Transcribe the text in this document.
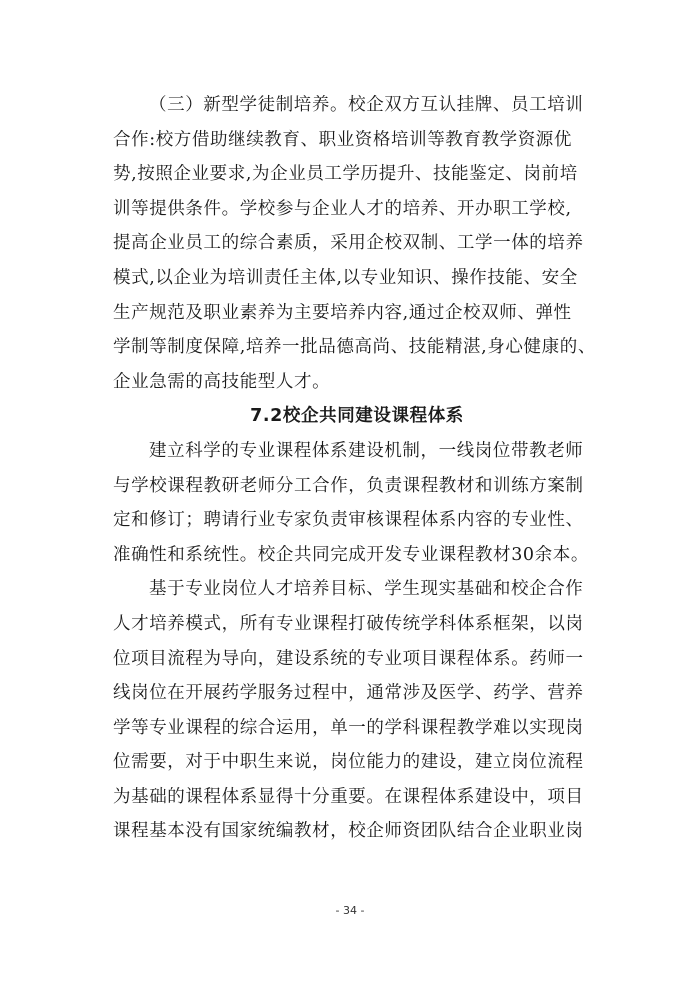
（三）新型学徒制培养。校企双方互认挂牌、员工培训
合作:校方借助继续教育、职业资格培训等教育教学资源优
势,按照企业要求,为企业员工学历提升、技能鉴定、岗前培
训等提供条件。学校参与企业人才的培养、开办职工学校,
提高企业员工的综合素质，采用企校双制、工学一体的培养
模式,以企业为培训责任主体,以专业知识、操作技能、安全
生产规范及职业素养为主要培养内容,通过企校双师、弹性
学制等制度保障,培养一批品德高尚、技能精湛,身心健康的、
企业急需的高技能型人才。

7.2校企共同建设课程体系

建立科学的专业课程体系建设机制，一线岗位带教老师
与学校课程教研老师分工合作，负责课程教材和训练方案制
定和修订；聘请行业专家负责审核课程体系内容的专业性、
准确性和系统性。校企共同完成开发专业课程教材30余本。

基于专业岗位人才培养目标、学生现实基础和校企合作
人才培养模式，所有专业课程打破传统学科体系框架，以岗
位项目流程为导向，建设系统的专业项目课程体系。药师一
线岗位在开展药学服务过程中，通常涉及医学、药学、营养
学等专业课程的综合运用，单一的学科课程教学难以实现岗
位需要，对于中职生来说，岗位能力的建设，建立岗位流程
为基础的课程体系显得十分重要。在课程体系建设中，项目
课程基本没有国家统编教材，校企师资团队结合企业职业岗

- 34 -
